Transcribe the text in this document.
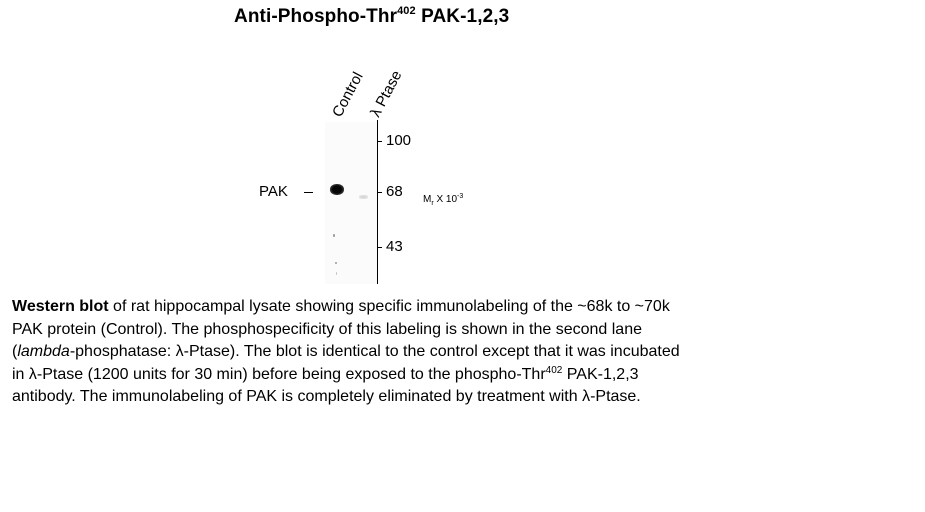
Anti-Phospho-Thr$^{402}$ PAK-1,2,3
Control λ Ptase
100
68
43
PAK	$M_r$ X $10^{-3}$
Western blot of rat hippocampal lysate showing specific immunolabeling of the ~68k to ~70k
PAK protein (Control). The phosphospecificity of this labeling is shown in the second lane
(lambda-phosphatase: λ-Ptase). The blot is identical to the control except that it was incubated
in λ-Ptase (1200 units for 30 min) before being exposed to the phospho-Thr$^{402}$ PAK-1,2,3
antibody. The immunolabeling of PAK is completely eliminated by treatment with λ-Ptase.
